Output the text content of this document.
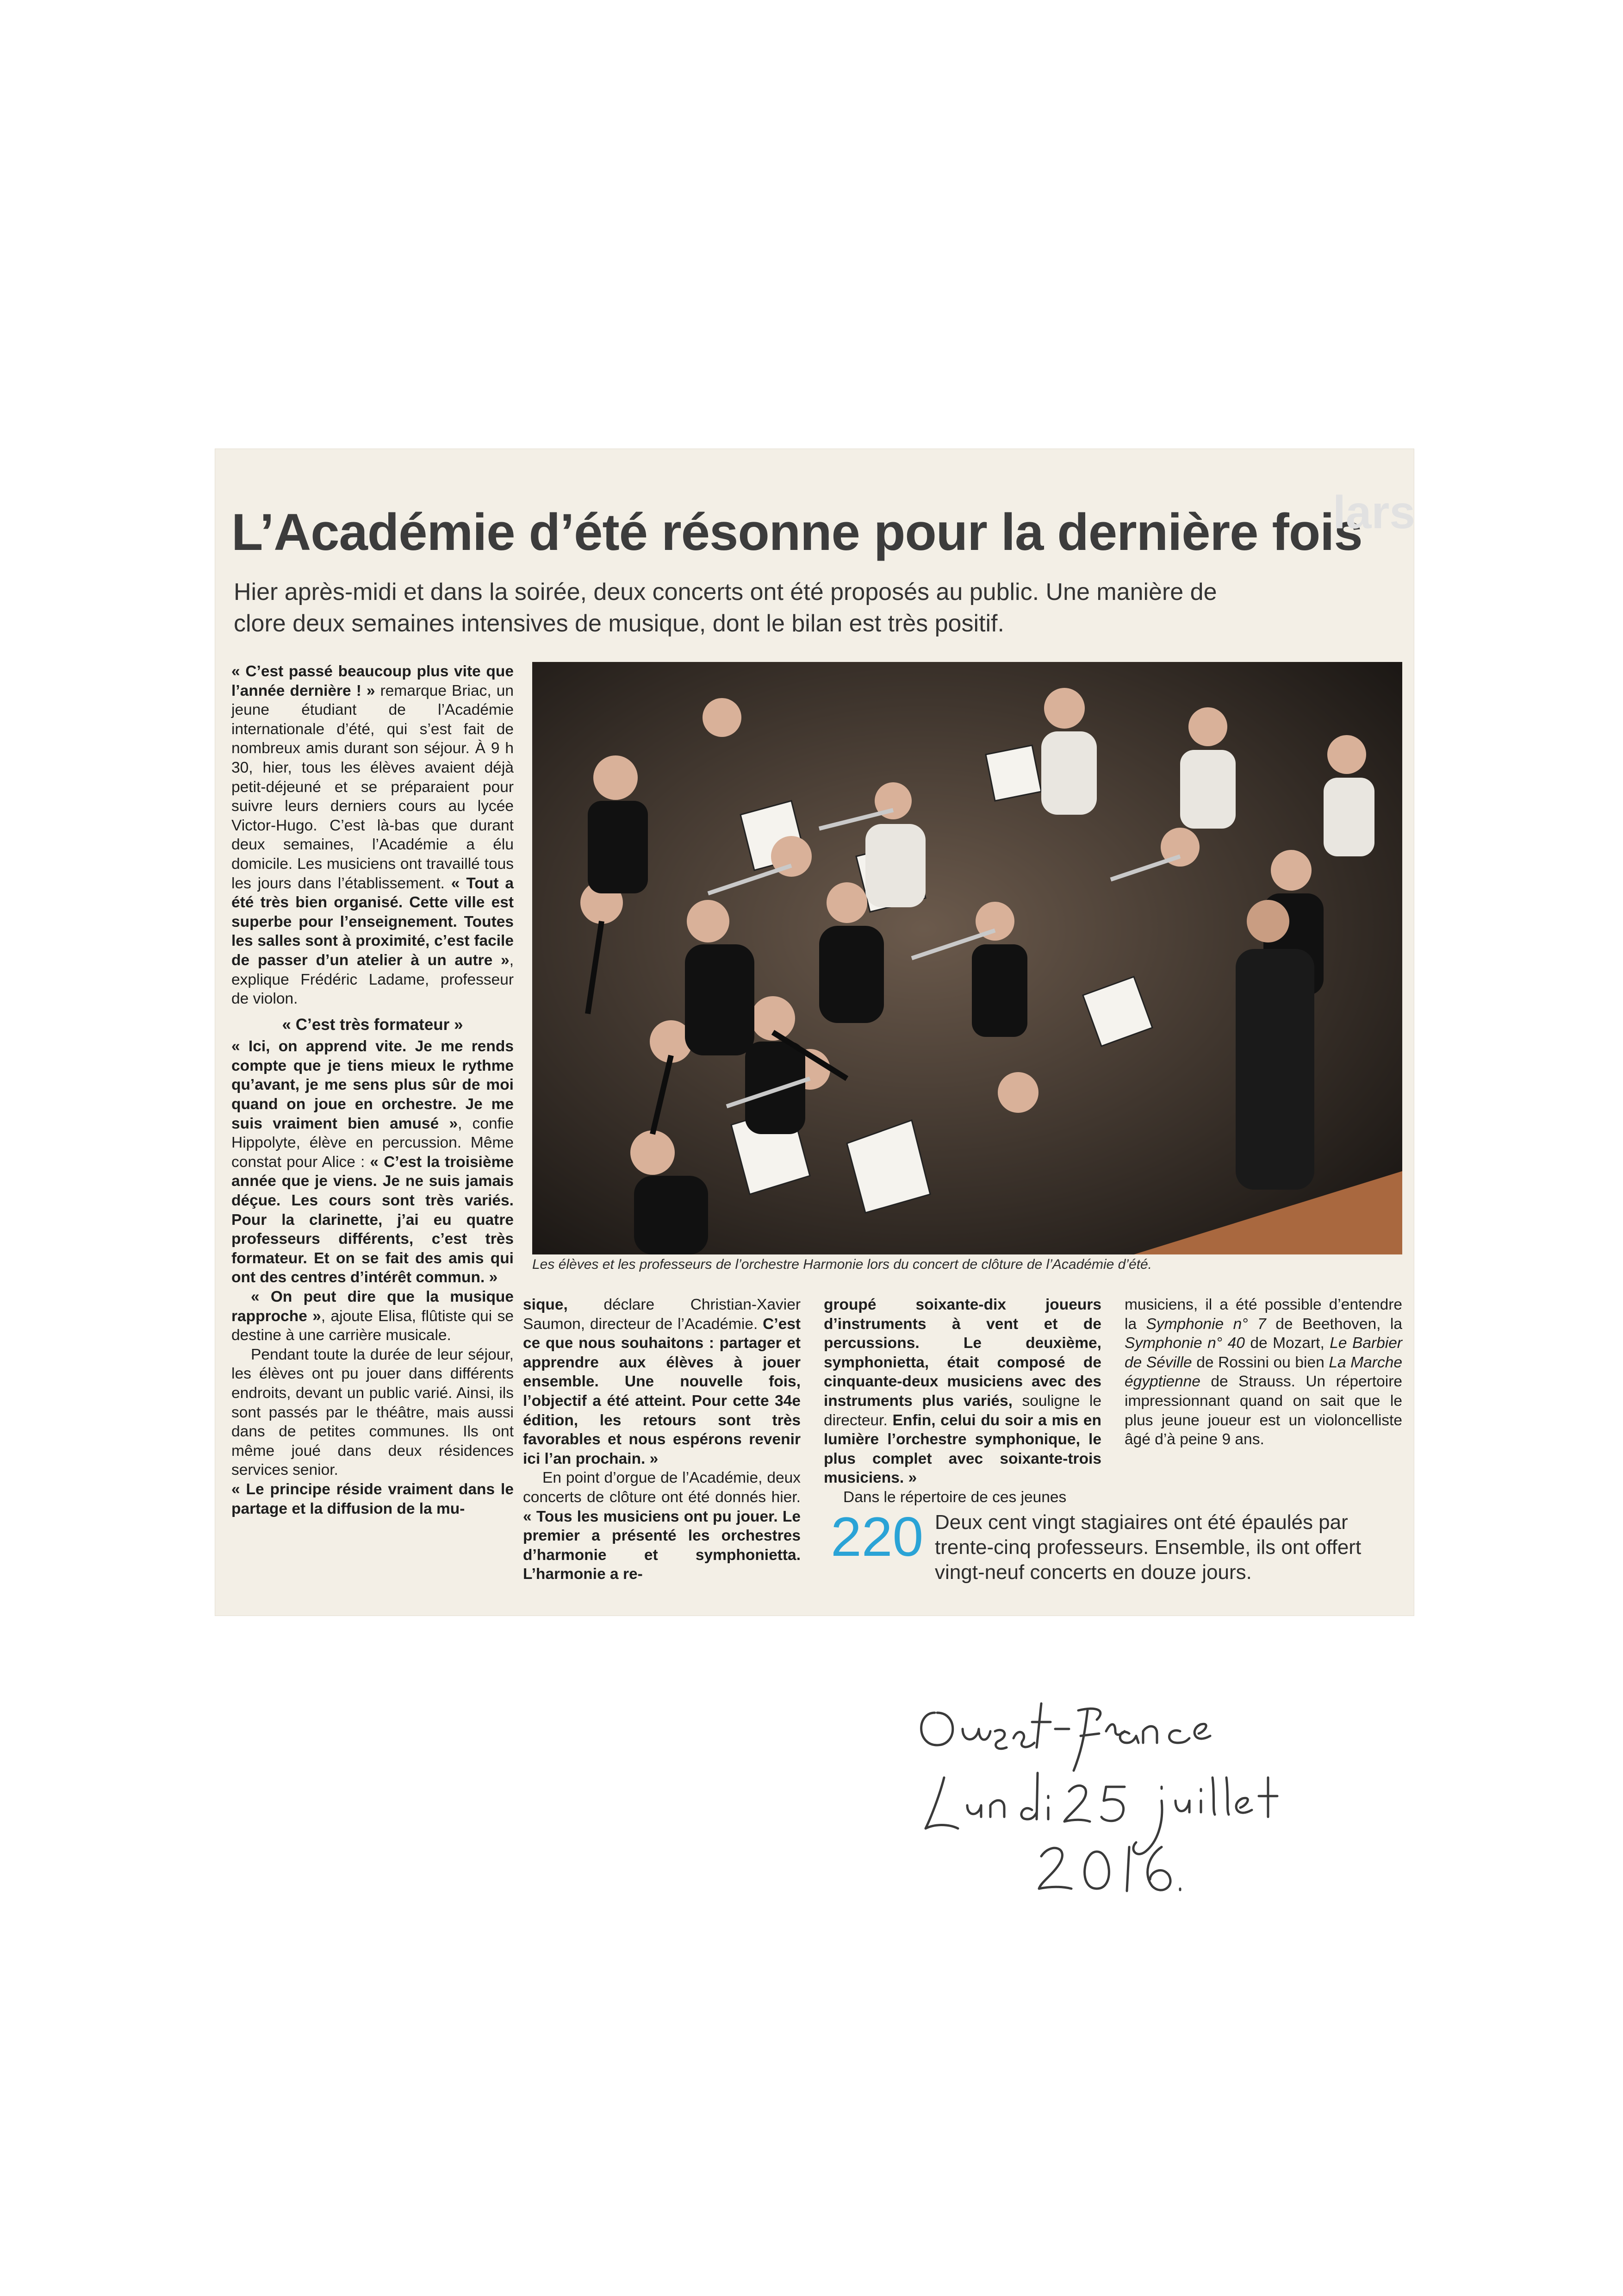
L’Académie d’été résonne pour la dernière fois
Hier après-midi et dans la soirée, deux concerts ont été proposés au public. Une manière de clore deux semaines intensives de musique, dont le bilan est très positif.

« C’est passé beaucoup plus vite que l’année dernière ! » remarque Briac, un jeune étudiant de l’Académie internationale d’été, qui s’est fait de nombreux amis durant son séjour. À 9 h 30, hier, tous les élèves avaient déjà petit-déjeuné et se préparaient pour suivre leurs derniers cours au lycée Victor-Hugo. C’est là-bas que durant deux semaines, l’Académie a élu domicile. Les musiciens ont travaillé tous les jours dans l’établissement. « Tout a été très bien organisé. Cette ville est superbe pour l’enseignement. Toutes les salles sont à proximité, c’est facile de passer d’un atelier à un autre », explique Frédéric Ladame, professeur de violon.

« C’est très formateur »

« Ici, on apprend vite. Je me rends compte que je tiens mieux le rythme qu’avant, je me sens plus sûr de moi quand on joue en orchestre. Je me suis vraiment bien amusé », confie Hippolyte, élève en percussion. Même constat pour Alice : « C’est la troisième année que je viens. Je ne suis jamais déçue. Les cours sont très variés. Pour la clarinette, j’ai eu quatre professeurs différents, c’est très formateur. Et on se fait des amis qui ont des centres d’intérêt commun. »

« On peut dire que la musique rapproche », ajoute Elisa, flûtiste qui se destine à une carrière musicale.

Pendant toute la durée de leur séjour, les élèves ont pu jouer dans différents endroits, devant un public varié. Ainsi, ils sont passés par le théâtre, mais aussi dans de petites communes. Ils ont même joué dans deux résidences services senior.

« Le principe réside vraiment dans le partage et la diffusion de la mu-

Les élèves et les professeurs de l’orchestre Harmonie lors du concert de clôture de l’Académie d’été.

sique, déclare Christian-Xavier Saumon, directeur de l’Académie. C’est ce que nous souhaitons : partager et apprendre aux élèves à jouer ensemble. Une nouvelle fois, l’objectif a été atteint. Pour cette 34e édition, les retours sont très favorables et nous espérons revenir ici l’an prochain. »

En point d’orgue de l’Académie, deux concerts de clôture ont été donnés hier. « Tous les musiciens ont pu jouer. Le premier a présenté les orchestres d’harmonie et symphonietta. L’harmonie a re-

groupé soixante-dix joueurs d’instruments à vent et de percussions. Le deuxième, symphonietta, était composé de cinquante-deux musiciens avec des instruments plus variés, souligne le directeur. Enfin, celui du soir a mis en lumière l’orchestre symphonique, le plus complet avec soixante-trois musiciens. »

Dans le répertoire de ces jeunes

musiciens, il a été possible d’entendre la Symphonie n° 7 de Beethoven, la Symphonie n° 40 de Mozart, Le Barbier de Séville de Rossini ou bien La Marche égyptienne de Strauss. Un répertoire impressionnant quand on sait que le plus jeune joueur est un violoncelliste âgé d’à peine 9 ans.

220 Deux cent vingt stagiaires ont été épaulés par trente-cinq professeurs. Ensemble, ils ont offert vingt-neuf concerts en douze jours.
lars
